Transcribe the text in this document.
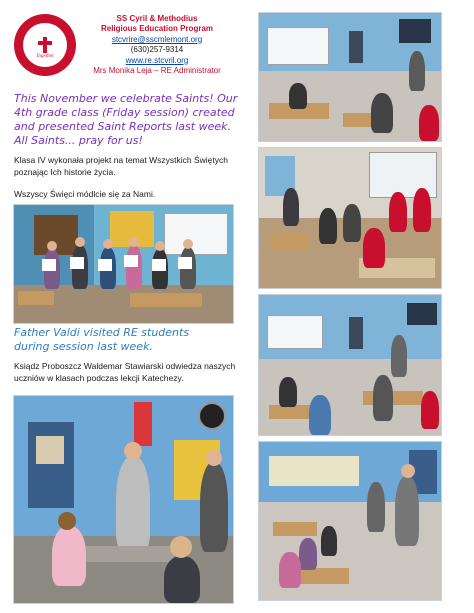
Together
SS Cyril & Methodius
Religious Education Program
stcvrire@sscmlemont.org
(630)257-9314
www.re.stcvril.org
Mrs Monika Leja – RE Administrator
This November we celebrate Saints! Our 4th grade class (Friday session) created and presented Saint Reports last week. All Saints... pray for us!
Klasa IV wykonała projekt na temat Wszystkich Świętych poznając Ich historie życia.
Wszyscy Święci módlcie się za Nami.
Father Valdi visited RE students during session last week.
Ksiądz Proboszcz Waldemar Stawiarski odwiedza naszych uczniów w klasach podczas lekcji Katechezy.
